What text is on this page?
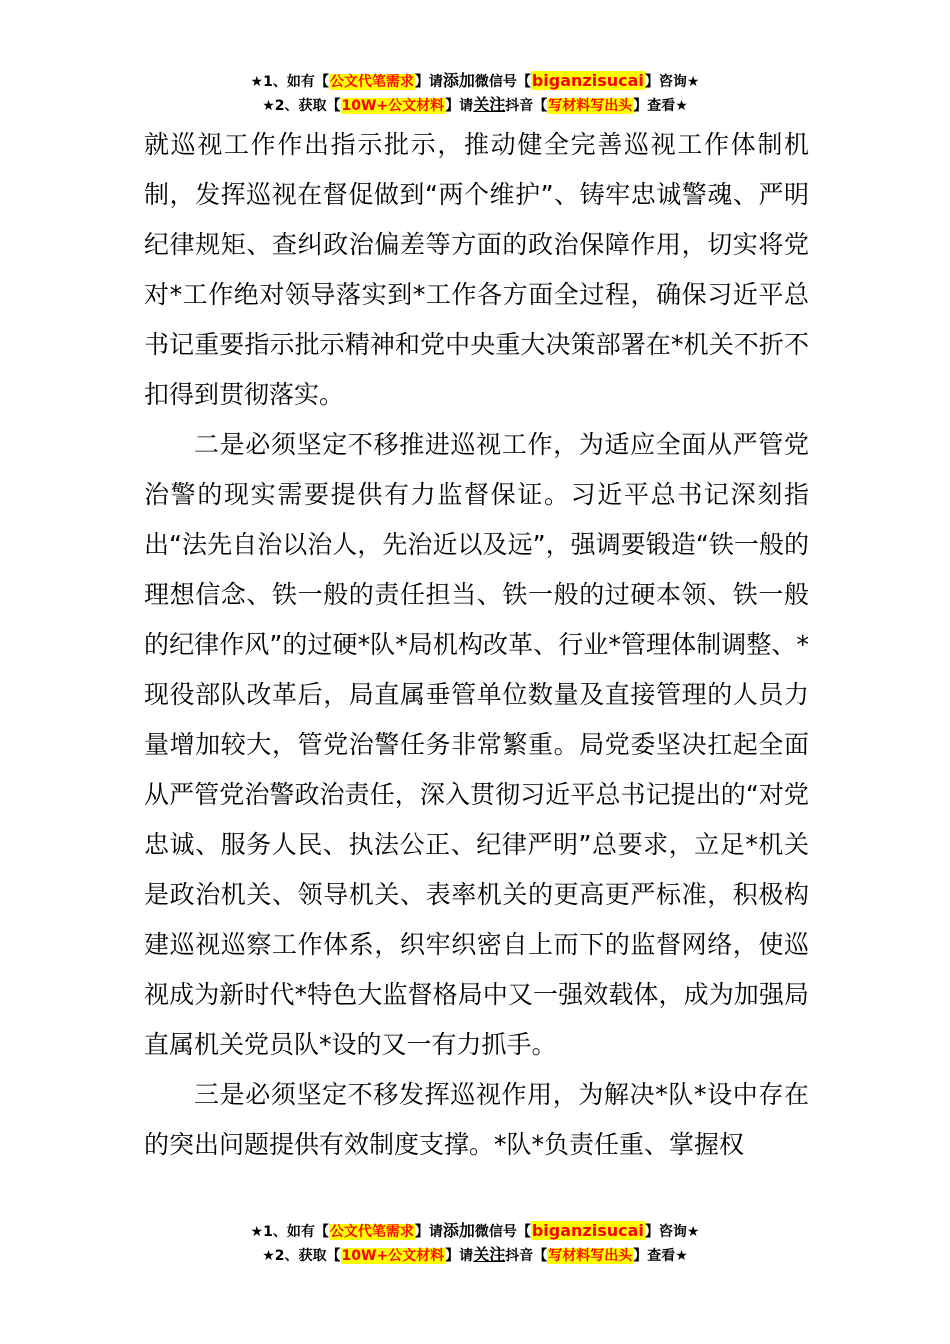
★1、如有【公文代笔需求】请添加微信号【biganzisucai】咨询★
★2、获取【10W+公文材料】请关注抖音【写材料写出头】查看★

就巡视工作作出指示批示，推动健全完善巡视工作体制机制，发挥巡视在督促做到“两个维护”、铸牢忠诚警魂、严明纪律规矩、查纠政治偏差等方面的政治保障作用，切实将党对*工作绝对领导落实到*工作各方面全过程，确保习近平总书记重要指示批示精神和党中央重大决策部署在*机关不折不扣得到贯彻落实。

二是必须坚定不移推进巡视工作，为适应全面从严管党治警的现实需要提供有力监督保证。习近平总书记深刻指出“法先自治以治人，先治近以及远”，强调要锻造“铁一般的理想信念、铁一般的责任担当、铁一般的过硬本领、铁一般的纪律作风”的过硬*队*局机构改革、行业*管理体制调整、*现役部队改革后，局直属垂管单位数量及直接管理的人员力量增加较大，管党治警任务非常繁重。局党委坚决扛起全面从严管党治警政治责任，深入贯彻习近平总书记提出的“对党忠诚、服务人民、执法公正、纪律严明”总要求，立足*机关是政治机关、领导机关、表率机关的更高更严标准，积极构建巡视巡察工作体系，织牢织密自上而下的监督网络，使巡视成为新时代*特色大监督格局中又一强效载体，成为加强局直属机关党员队*设的又一有力抓手。

三是必须坚定不移发挥巡视作用，为解决*队*设中存在的突出问题提供有效制度支撑。*队*负责任重、掌握权

★1、如有【公文代笔需求】请添加微信号【biganzisucai】咨询★
★2、获取【10W+公文材料】请关注抖音【写材料写出头】查看★
